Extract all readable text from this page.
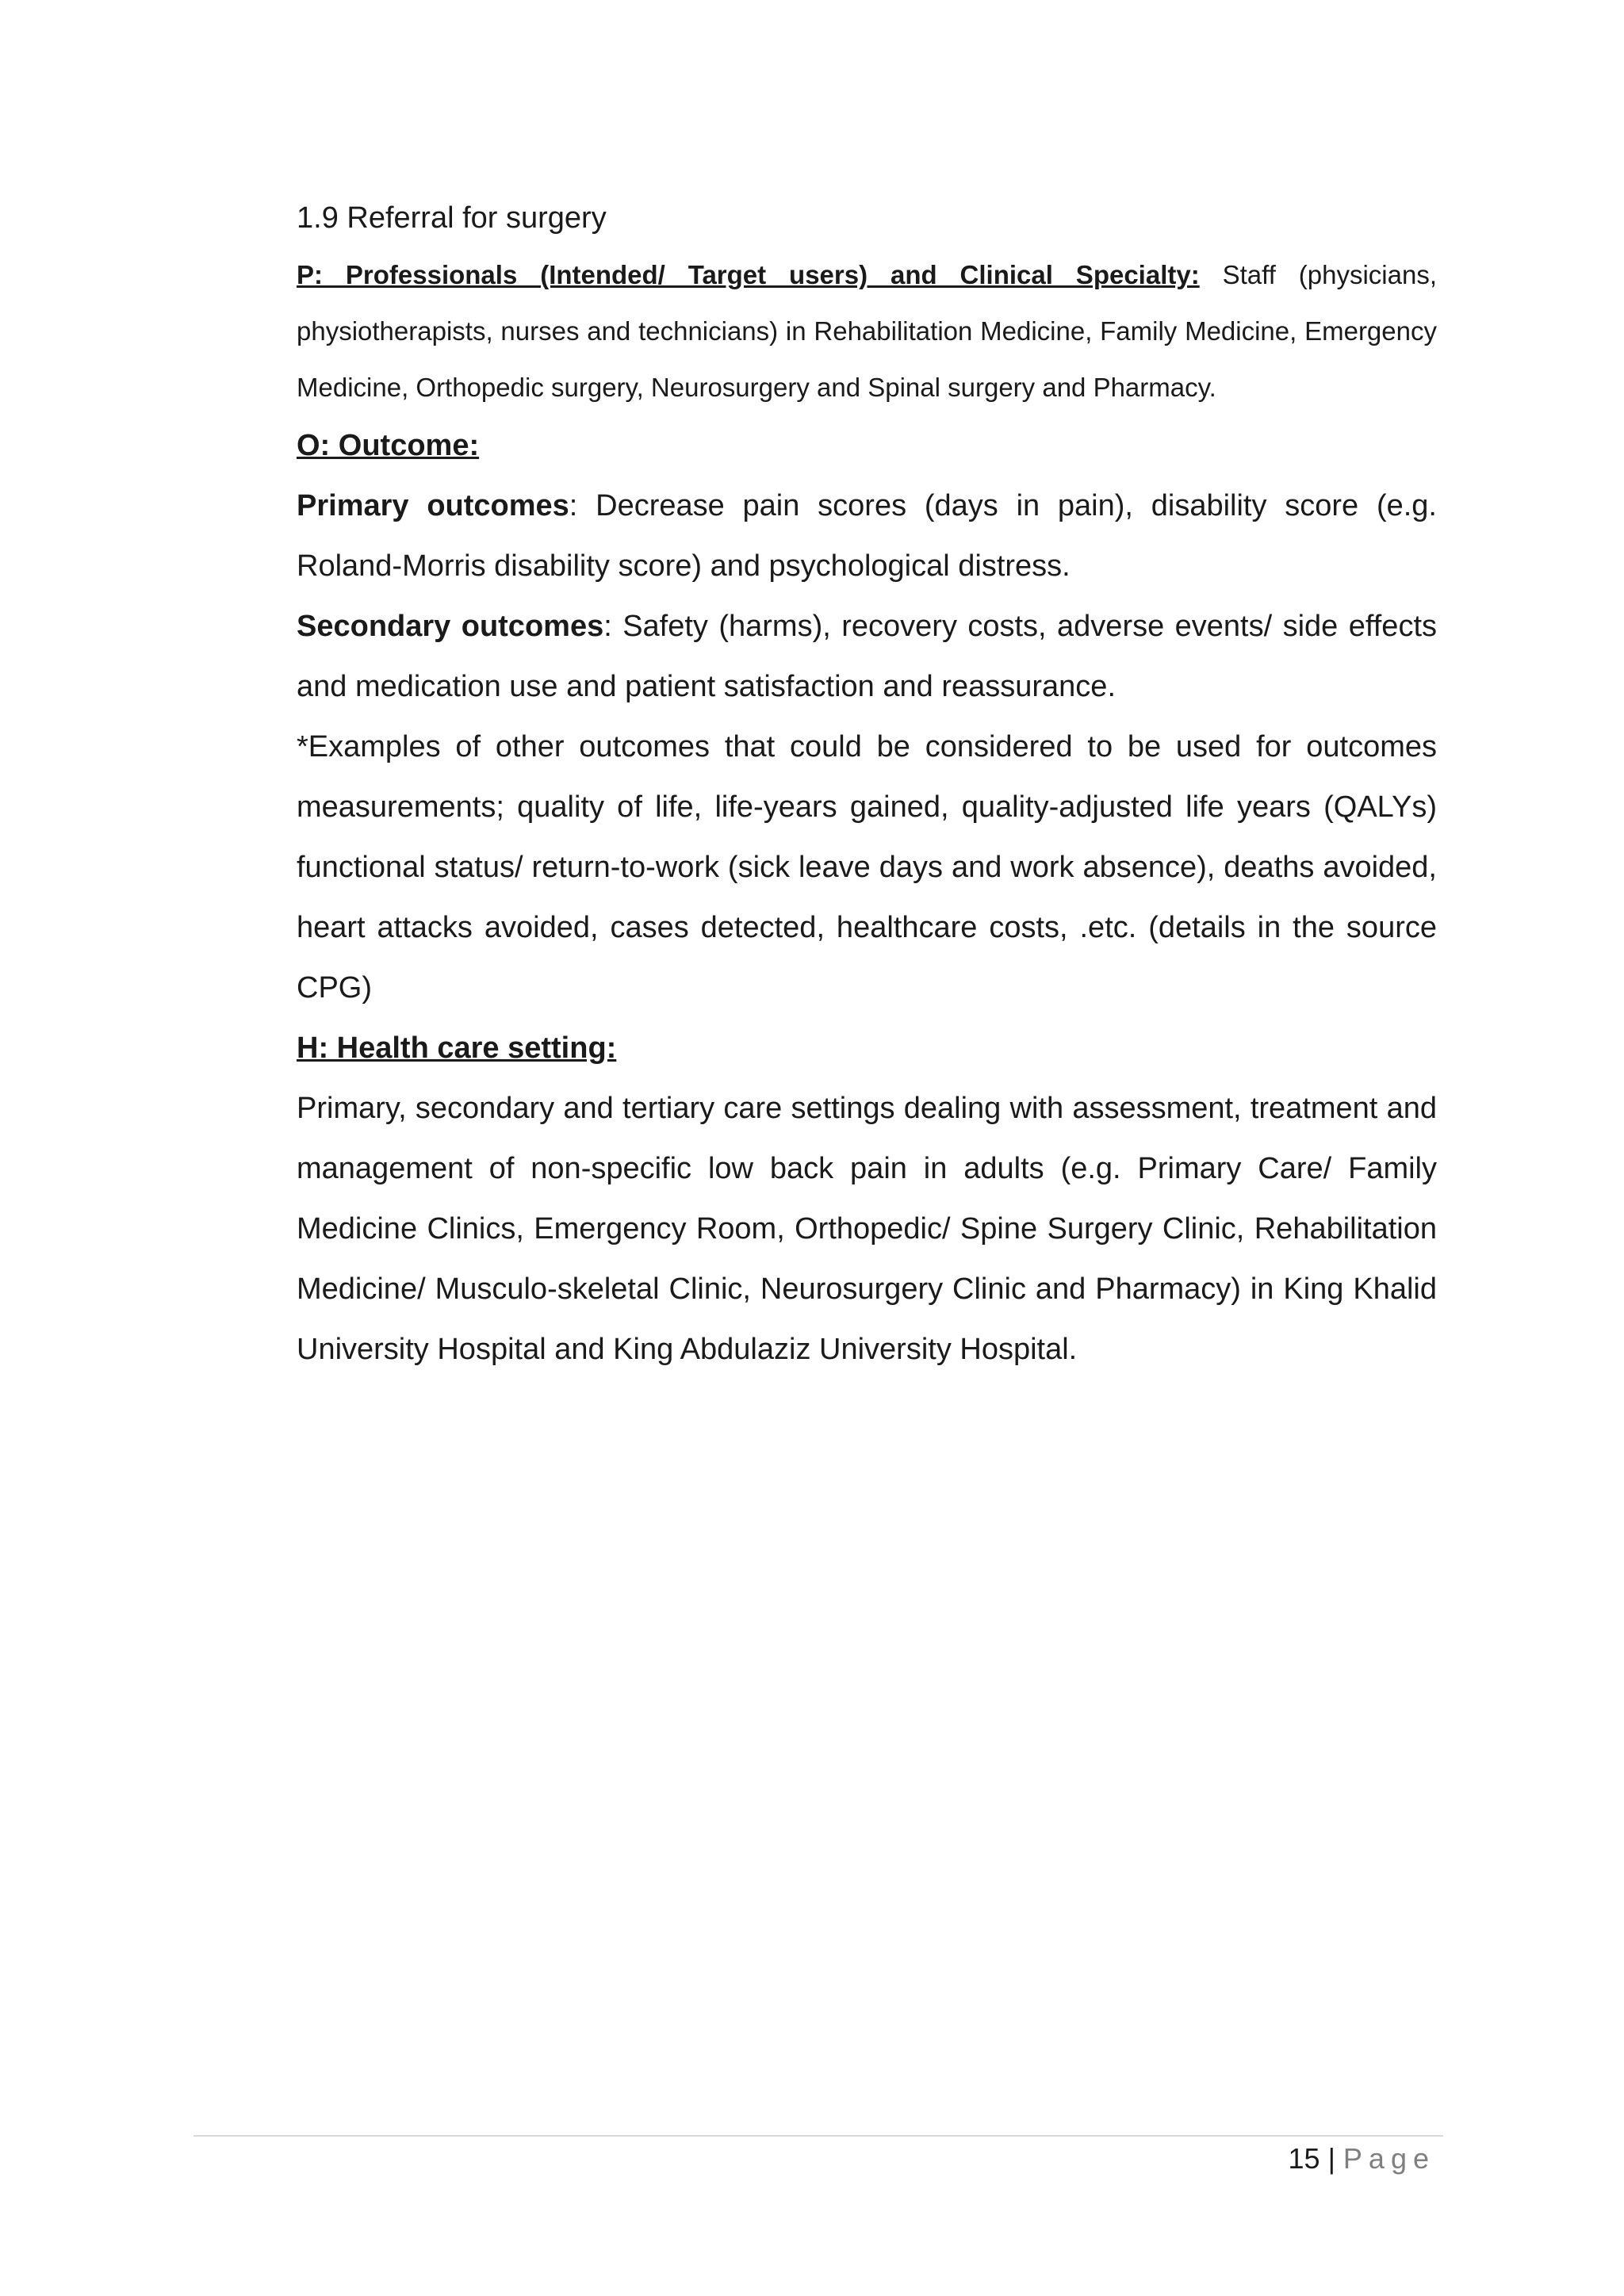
1.9 Referral for surgery

P: Professionals (Intended/ Target users) and Clinical Specialty: Staff (physicians, physiotherapists, nurses and technicians) in Rehabilitation Medicine, Family Medicine, Emergency Medicine, Orthopedic surgery, Neurosurgery and Spinal surgery and Pharmacy.

O: Outcome:

Primary outcomes: Decrease pain scores (days in pain), disability score (e.g. Roland-Morris disability score) and psychological distress.

Secondary outcomes: Safety (harms), recovery costs, adverse events/ side effects and medication use and patient satisfaction and reassurance.

*Examples of other outcomes that could be considered to be used for outcomes measurements; quality of life, life-years gained, quality-adjusted life years (QALYs) functional status/ return-to-work (sick leave days and work absence), deaths avoided, heart attacks avoided, cases detected, healthcare costs, .etc. (details in the source CPG)

H: Health care setting:

Primary, secondary and tertiary care settings dealing with assessment, treatment and management of non-specific low back pain in adults (e.g. Primary Care/ Family Medicine Clinics, Emergency Room, Orthopedic/ Spine Surgery Clinic, Rehabilitation Medicine/ Musculo-skeletal Clinic, Neurosurgery Clinic and Pharmacy) in King Khalid University Hospital and King Abdulaziz University Hospital.

15 | Page
